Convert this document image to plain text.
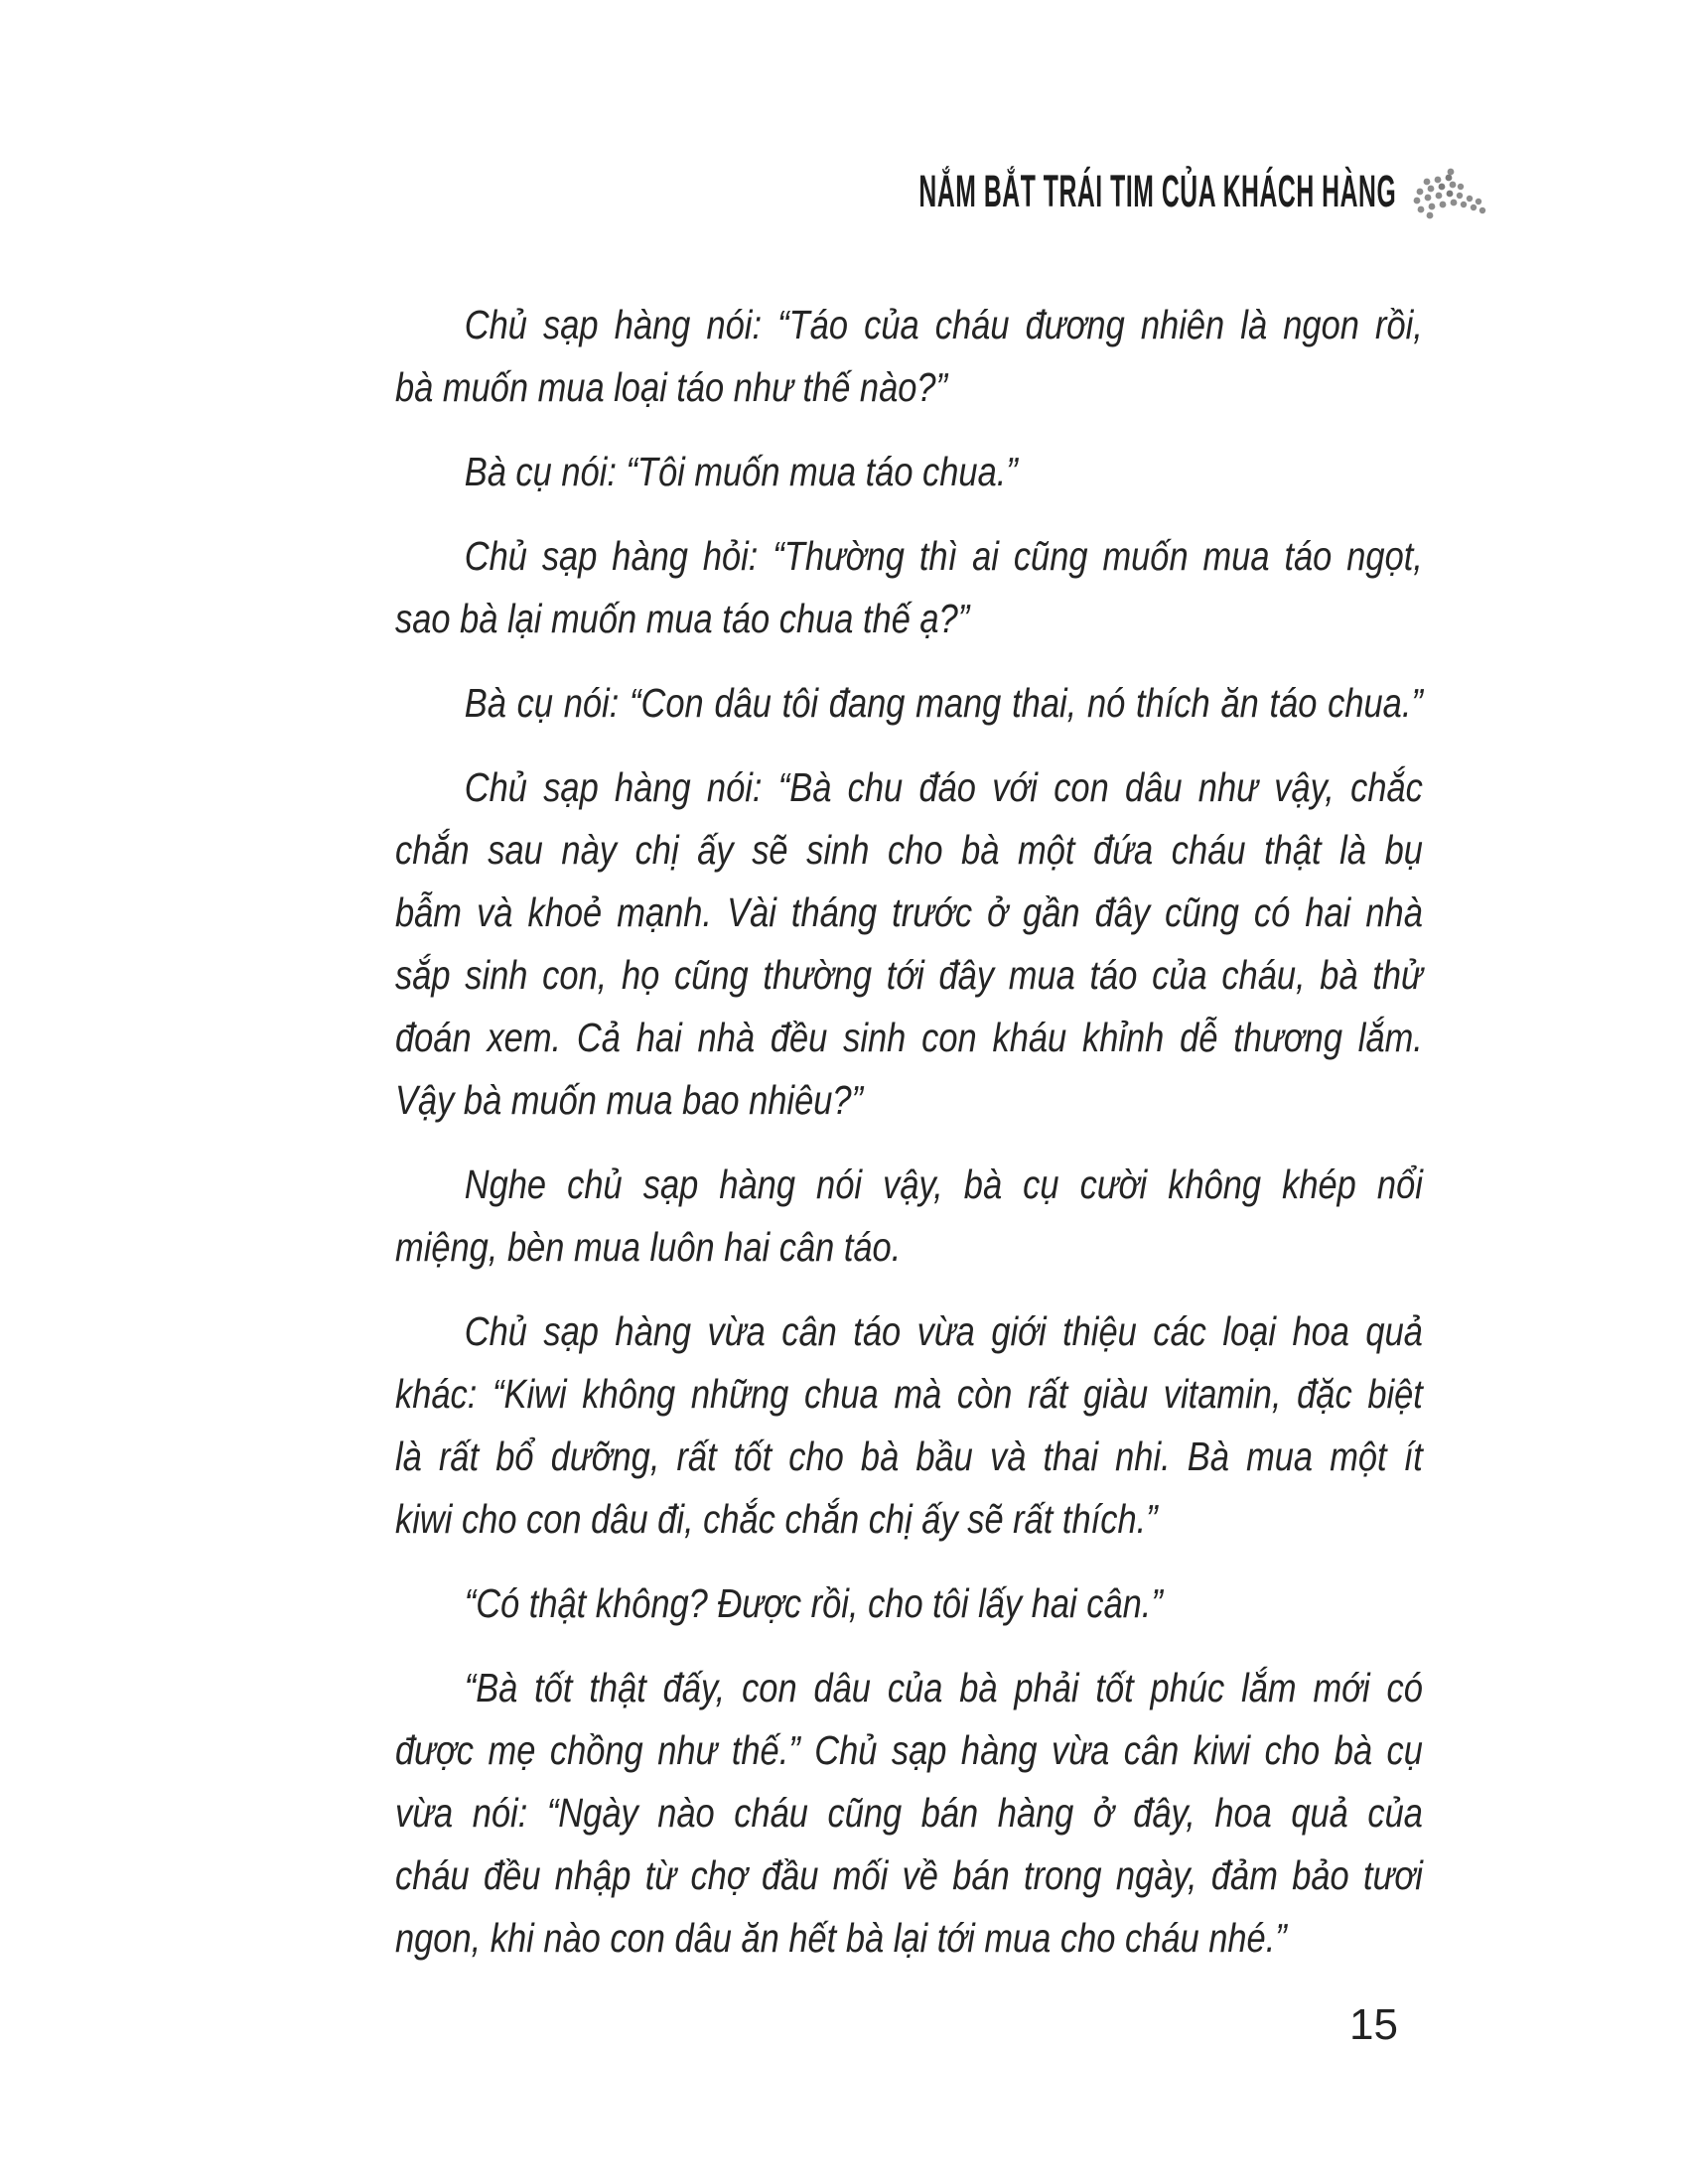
NẮM BẮT TRÁI TIM CỦA KHÁCH HÀNG
Chủ sạp hàng nói: “Táo của cháu đương nhiên là ngon rồi,
bà muốn mua loại táo như thế nào?”
Bà cụ nói: “Tôi muốn mua táo chua.”
Chủ sạp hàng hỏi: “Thường thì ai cũng muốn mua táo ngọt,
sao bà lại muốn mua táo chua thế ạ?”
Bà cụ nói: “Con dâu tôi đang mang thai, nó thích ăn táo chua.”
Chủ sạp hàng nói: “Bà chu đáo với con dâu như vậy, chắc
chắn sau này chị ấy sẽ sinh cho bà một đứa cháu thật là bụ
bẫm và khoẻ mạnh. Vài tháng trước ở gần đây cũng có hai nhà
sắp sinh con, họ cũng thường tới đây mua táo của cháu, bà thử
đoán xem. Cả hai nhà đều sinh con kháu khỉnh dễ thương lắm.
Vậy bà muốn mua bao nhiêu?”
Nghe chủ sạp hàng nói vậy, bà cụ cười không khép nổi
miệng, bèn mua luôn hai cân táo.
Chủ sạp hàng vừa cân táo vừa giới thiệu các loại hoa quả
khác: “Kiwi không những chua mà còn rất giàu vitamin, đặc biệt
là rất bổ dưỡng, rất tốt cho bà bầu và thai nhi. Bà mua một ít
kiwi cho con dâu đi, chắc chắn chị ấy sẽ rất thích.”
“Có thật không? Được rồi, cho tôi lấy hai cân.”
“Bà tốt thật đấy, con dâu của bà phải tốt phúc lắm mới có
được mẹ chồng như thế.” Chủ sạp hàng vừa cân kiwi cho bà cụ
vừa nói: “Ngày nào cháu cũng bán hàng ở đây, hoa quả của
cháu đều nhập từ chợ đầu mối về bán trong ngày, đảm bảo tươi
ngon, khi nào con dâu ăn hết bà lại tới mua cho cháu nhé.”
15
